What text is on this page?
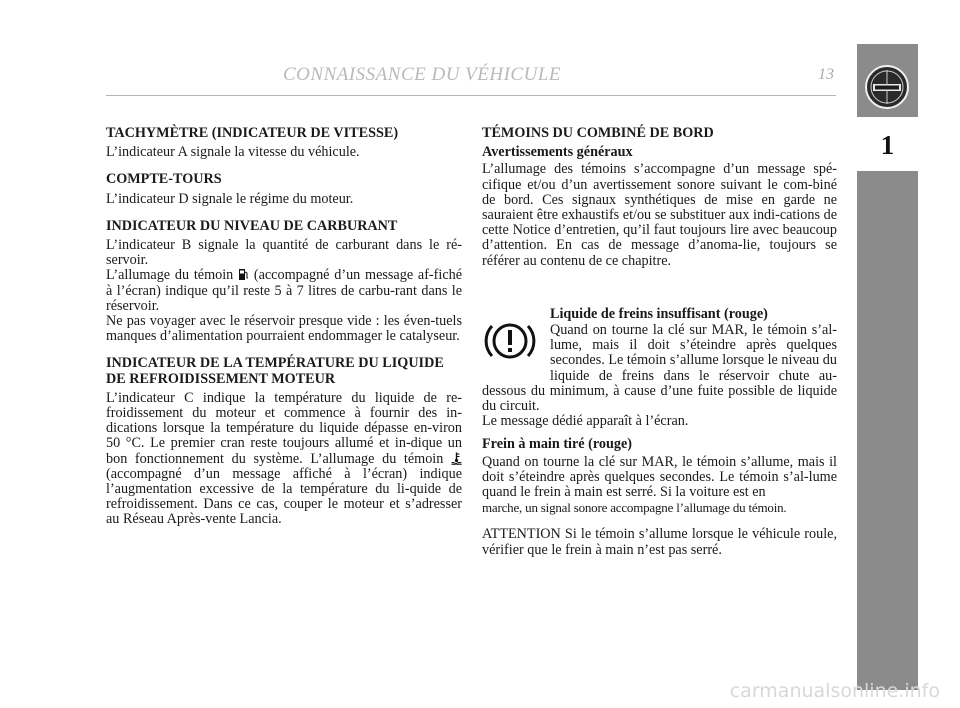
CONNAISSANCE DU VÉHICULE	13
1
TACHYMÈTRE (INDICATEUR DE VITESSE)

L’indicateur A signale la vitesse du véhicule.

COMPTE-TOURS

L’indicateur D signale le régime du moteur.

INDICATEUR DU NIVEAU DE CARBURANT

L’indicateur B signale la quantité de carburant dans le ré-servoir.

L’allumage du témoin (accompagné d’un message af-fiché à l’écran) indique qu’il reste 5 à 7 litres de carbu-rant dans le réservoir.

Ne pas voyager avec le réservoir presque vide : les éven-tuels manques d’alimentation pourraient endommager le catalyseur.

INDICATEUR DE LA TEMPÉRATURE DU LIQUIDE DE REFROIDISSEMENT MOTEUR

L’indicateur C indique la température du liquide de re-froidissement du moteur et commence à fournir des in-dications lorsque la température du liquide dépasse en-viron 50 °C. Le premier cran reste toujours allumé et in-dique un bon fonctionnement du système. L’allumage du témoin  (accompagné d’un message affiché à l’écran) indique l’augmentation excessive de la température du li-quide de refroidissement. Dans ce cas, couper le moteur et s’adresser au Réseau Après-vente Lancia.

TÉMOINS DU COMBINÉ DE BORD
Avertissements généraux

L’allumage des témoins s’accompagne d’un message spé-cifique et/ou d’un avertissement sonore suivant le com-biné de bord. Ces signaux synthétiques de mise en garde ne sauraient être exhaustifs et/ou se substituer aux indi-cations de cette Notice d’entretien, qu’il faut toujours lire avec beaucoup d’attention. En cas de message d’anoma-lie, toujours se référer au contenu de ce chapitre.

Liquide de freins insuffisant (rouge)

Quand on tourne la clé sur MAR, le témoin s’al-lume, mais il doit s’éteindre après quelques secondes. Le témoin s’allume lorsque le niveau du liquide de freins dans le réservoir chute au-dessous du minimum, à cause d’une fuite possible de liquide du circuit.

Le message dédié apparaît à l’écran.

Frein à main tiré (rouge)

Quand on tourne la clé sur MAR, le témoin s’allume, mais il doit s’éteindre après quelques secondes. Le témoin s’al-lume quand le frein à main est serré. Si la voiture est en

marche, un signal sonore accompagne l’allumage du témoin.

ATTENTION Si le témoin s’allume lorsque le véhicule roule, vérifier que le frein à main n’est pas serré.

carmanualsonline.info
